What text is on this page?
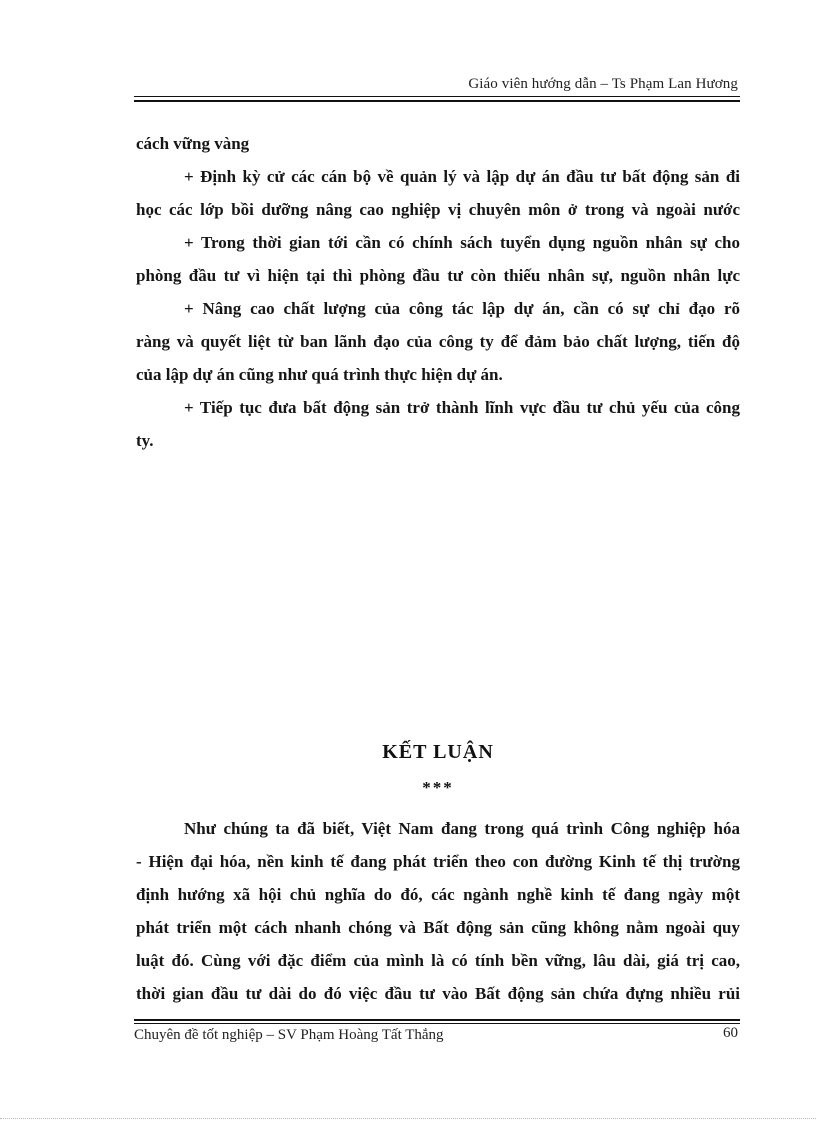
Giáo viên hướng dẫn – Ts Phạm Lan Hương
cách vững vàng
+ Định kỳ cử các cán bộ về quản lý và lập dự án đầu tư bất động sản đi
học các lớp bồi dưỡng nâng cao nghiệp vị chuyên môn ở trong và ngoài nước
+ Trong thời gian tới cần có chính sách tuyển dụng nguồn nhân sự cho
phòng đầu tư vì hiện tại thì phòng đầu tư còn thiếu nhân sự, nguồn nhân lực
+ Nâng cao chất lượng của công tác lập dự án, cần có sự chỉ đạo rõ
ràng và quyết liệt từ ban lãnh đạo của công ty để đảm bảo chất lượng, tiến độ
của lập dự án cũng như quá trình thực hiện dự án.
+ Tiếp tục đưa bất động sản trở thành lĩnh vực đầu tư chủ yếu của công
ty.
KẾT LUẬN
***
Như chúng ta đã biết, Việt Nam đang trong quá trình Công nghiệp hóa
- Hiện đại hóa, nền kinh tế đang phát triển theo con đường Kinh tế thị trường
định hướng xã hội chủ nghĩa do đó, các ngành nghề kinh tế đang ngày một
phát triển một cách nhanh chóng và Bất động sản cũng không nằm ngoài quy
luật đó. Cùng với đặc điểm của mình là có tính bền vững, lâu dài, giá trị cao,
thời gian đầu tư dài do đó việc đầu tư vào Bất động sản chứa đựng nhiều rủi
Chuyên đề tốt nghiệp – SV Phạm Hoàng Tất Thắng	60
